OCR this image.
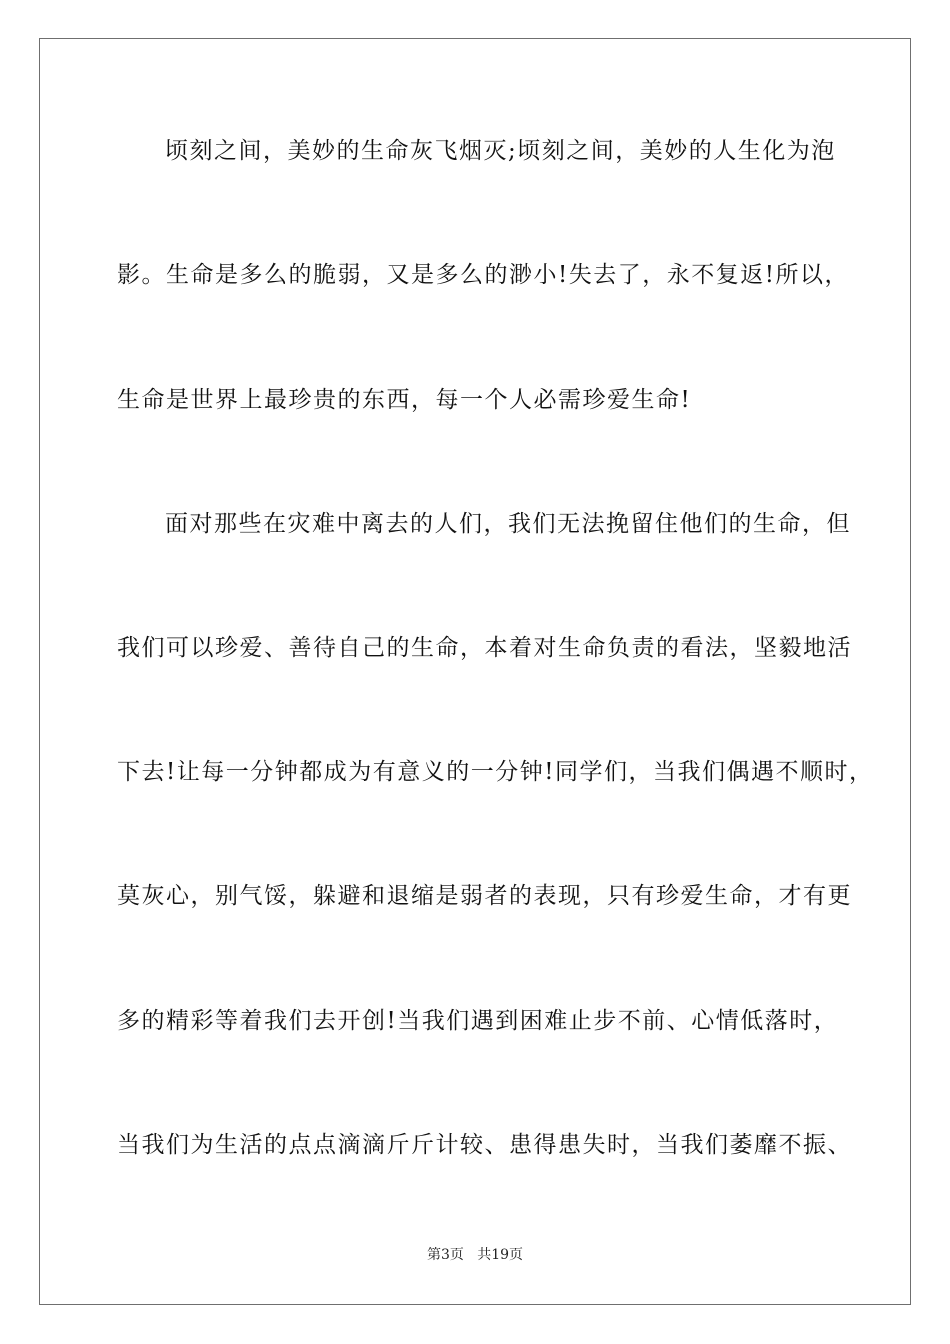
顷刻之间，美妙的生命灰飞烟灭;顷刻之间，美妙的人生化为泡
影。生命是多么的脆弱，又是多么的渺小!失去了，永不复返!所以，
生命是世界上最珍贵的东西，每一个人必需珍爱生命!
面对那些在灾难中离去的人们，我们无法挽留住他们的生命，但
我们可以珍爱、善待自己的生命，本着对生命负责的看法，坚毅地活
下去!让每一分钟都成为有意义的一分钟!同学们，当我们偶遇不顺时，
莫灰心，别气馁，躲避和退缩是弱者的表现，只有珍爱生命，才有更
多的精彩等着我们去开创!当我们遇到困难止步不前、心情低落时，
当我们为生活的点点滴滴斤斤计较、患得患失时，当我们萎靡不振、
第3页   共19页
